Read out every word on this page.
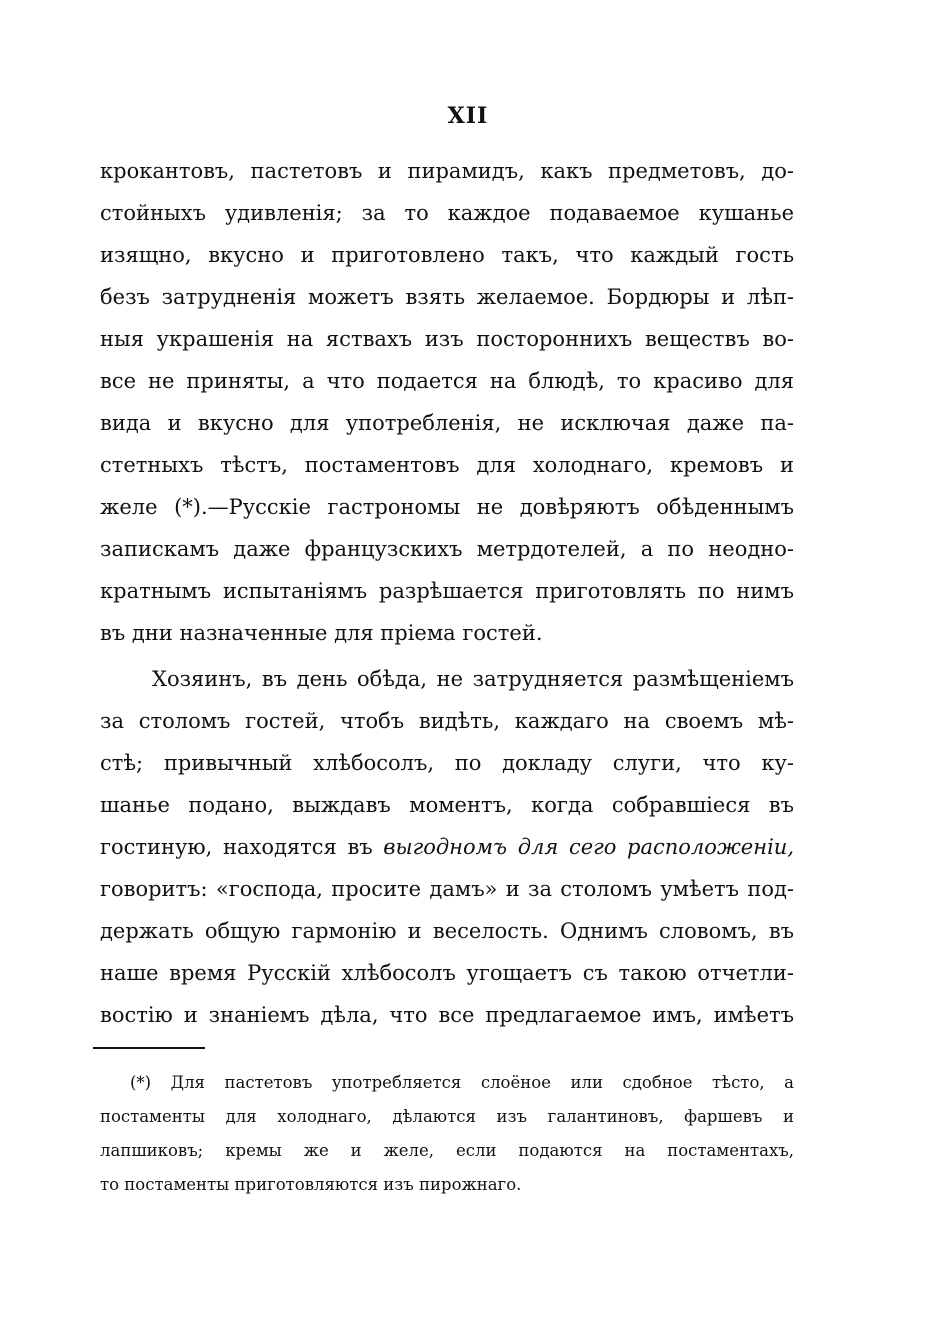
XII
крокантовъ, пастетовъ и пирамидъ, какъ предметовъ, до-
стойныхъ удивленія; за то каждое подаваемое кушанье
изящно, вкусно и приготовлено такъ, что каждый гость
безъ затрудненія можетъ взять желаемое. Бордюры и лѣп-
ныя украшенія на яствахъ изъ постороннихъ веществъ во-
все не приняты, а что подается на блюдѣ, то красиво для
вида и вкусно для употребленія, не исключая даже па-
стетныхъ тѣстъ, постаментовъ для холоднаго, кремовъ и
желе (*).—Русскіе гастрономы не довѣряютъ обѣденнымъ
запискамъ даже французскихъ метрдотелей, а по неодно-
кратнымъ испытаніямъ разрѣшается приготовлять по нимъ
въ дни назначенные для пріема гостей.
Хозяинъ, въ день обѣда, не затрудняется размѣщеніемъ
за столомъ гостей, чтобъ видѣть, каждаго на своемъ мѣ-
стѣ; привычный хлѣбосолъ, по докладу слуги, что ку-
шанье подано, выждавъ моментъ, когда собравшіеся въ
гостиную, находятся въ выгодномъ для сего расположеніи,
говоритъ: «господа, просите дамъ» и за столомъ умѣетъ под-
держать общую гармонію и веселость. Однимъ словомъ, въ
наше время Русскій хлѣбосолъ угощаетъ съ такою отчетли-
востію и знаніемъ дѣла, что все предлагаемое имъ, имѣетъ
(*) Для пастетовъ употребляется слоёное или сдобное тѣсто, а
постаменты для холоднаго, дѣлаются изъ галантиновъ, фаршевъ и
лапшиковъ; кремы же и желе, если подаются на постаментахъ,
то постаменты приготовляются изъ пирожнаго.
